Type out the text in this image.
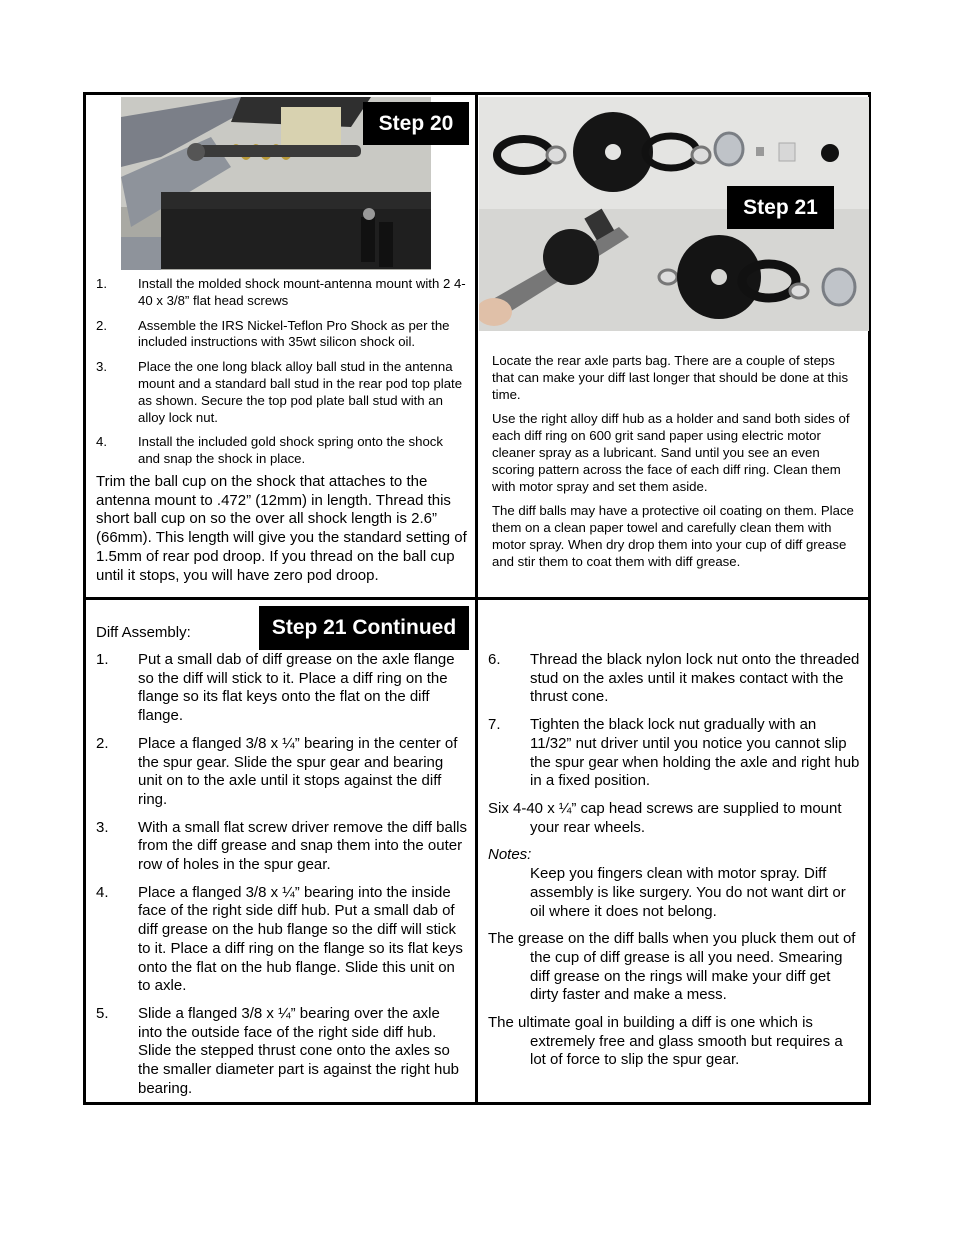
Step 20
1. Install the molded shock mount-antenna mount with 2 4-40 x 3/8” flat head screws
2. Assemble the IRS Nickel-Teflon Pro Shock as per the included instructions with 35wt silicon shock oil.
3. Place the one long black alloy ball stud in the antenna mount and a standard ball stud in the rear pod top plate as shown. Secure the top pod plate ball stud with an alloy lock nut.
4. Install the included gold shock spring onto the shock and snap the shock in place.

Trim the ball cup on the shock that attaches to the antenna mount to .472” (12mm) in length. Thread this short ball cup on so the over all shock length is 2.6” (66mm). This length will give you the standard setting of 1.5mm of rear pod droop. If you thread on the ball cup until it stops, you will have zero pod droop.

Step 21

Locate the rear axle parts bag. There are a couple of steps that can make your diff last longer that should be done at this time.

Use the right alloy diff hub as a holder and sand both sides of each diff ring on 600 grit sand paper using electric motor cleaner spray as a lubricant. Sand until you see an even scoring pattern across the face of each diff ring. Clean them with motor spray and set them aside.

The diff balls may have a protective oil coating on them. Place them on a clean paper towel and carefully clean them with motor spray. When dry drop them into your cup of diff grease and stir them to coat them with diff grease.

Diff Assembly:	Step 21 Continued
1. Put a small dab of diff grease on the axle flange so the diff will stick to it. Place a diff ring on the flange so its flat keys onto the flat on the diff flange.
2. Place a flanged 3/8 x ¼” bearing in the center of the spur gear. Slide the spur gear and bearing unit on to the axle until it stops against the diff ring.
3. With a small flat screw driver remove the diff balls from the diff grease and snap them into the outer row of holes in the spur gear.
4. Place a flanged 3/8 x ¼” bearing into the inside face of the right side diff hub. Put a small dab of diff grease on the hub flange so the diff will stick to it. Place a diff ring on the flange so its flat keys onto the flat on the hub flange. Slide this unit on to axle.
5. Slide a flanged 3/8 x ¼” bearing over the axle into the outside face of the right side diff hub. Slide the stepped thrust cone onto the axles so the smaller diameter part is against the right hub bearing.
6. Thread the black nylon lock nut onto the threaded stud on the axles until it makes contact with the thrust cone.
7. Tighten the black lock nut gradually with an 11/32” nut driver until you notice you cannot slip the spur gear when holding the axle and right hub in a fixed position.

Six 4-40 x ¼” cap head screws are supplied to mount your rear wheels.

Notes:

Keep you fingers clean with motor spray. Diff assembly is like surgery. You do not want dirt or oil where it does not belong.

The grease on the diff balls when you pluck them out of the cup of diff grease is all you need. Smearing diff grease on the rings will make your diff get dirty faster and make a mess.

The ultimate goal in building a diff is one which is extremely free and glass smooth but requires a lot of force to slip the spur gear.
